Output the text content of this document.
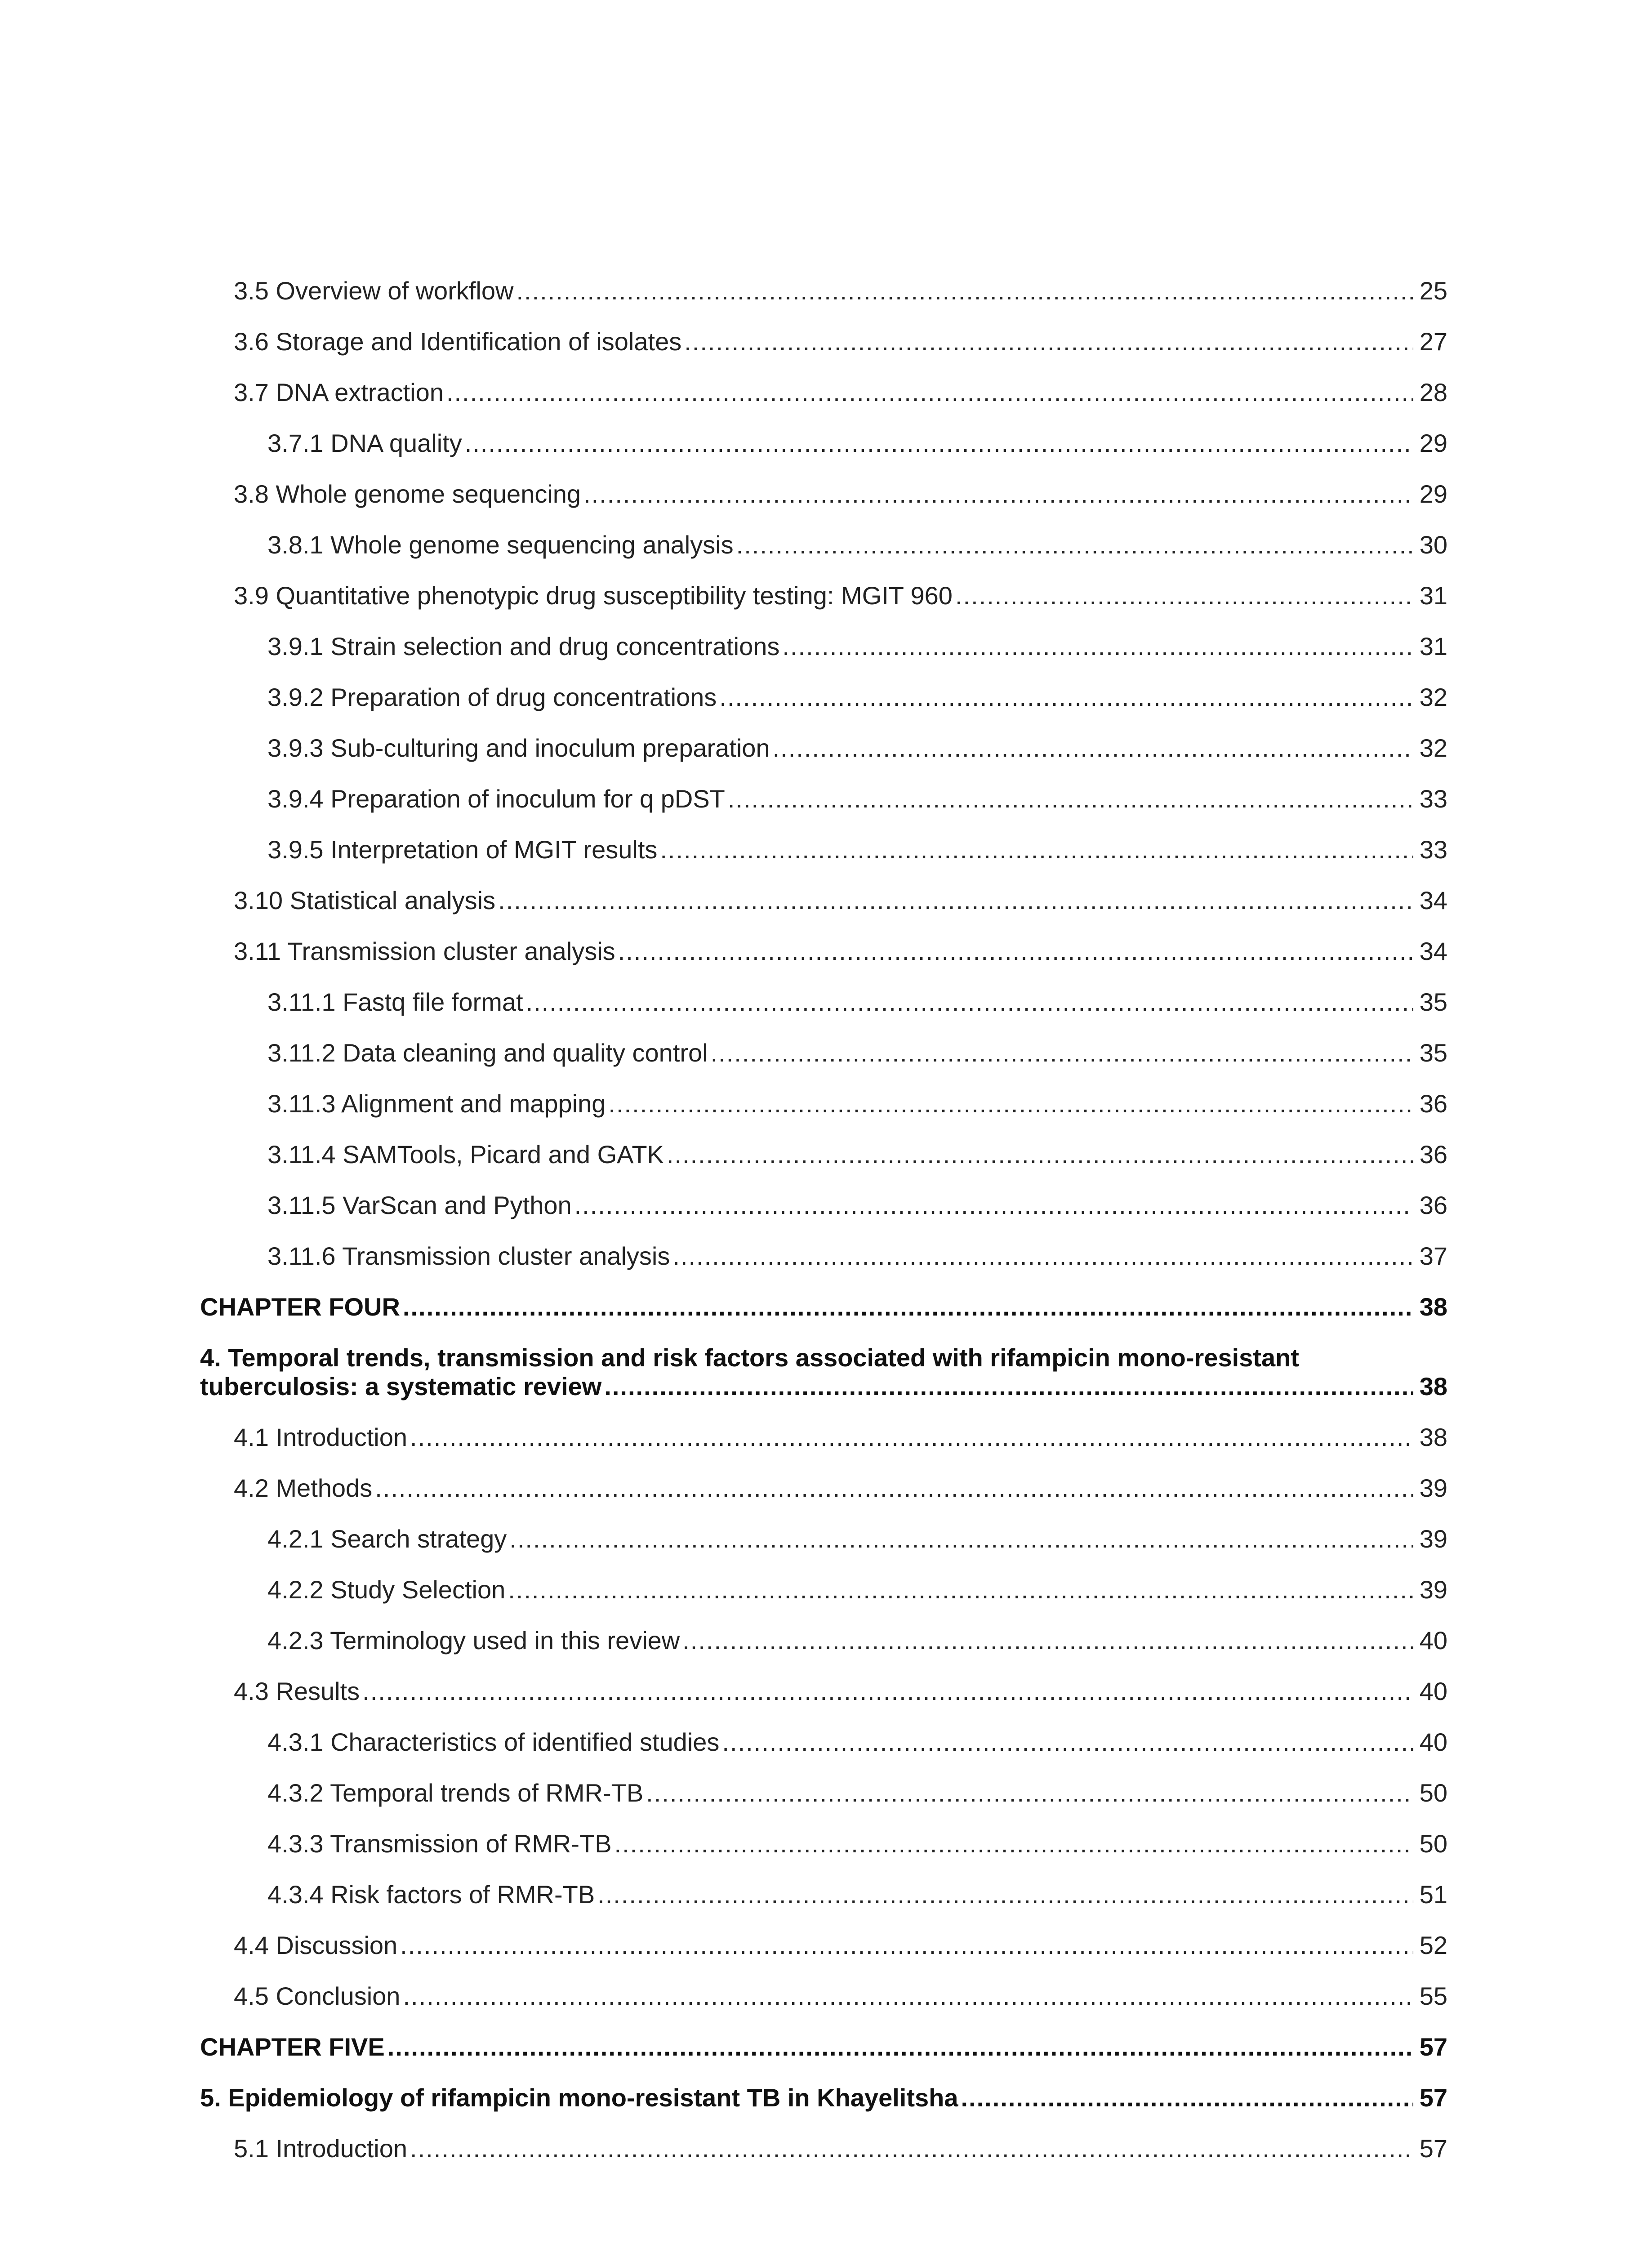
3.5 Overview of workflow .....	25
3.6 Storage and Identification of isolates .....	27
3.7 DNA extraction .....	28
3.7.1 DNA quality .....	29
3.8 Whole genome sequencing .....	29
3.8.1 Whole genome sequencing analysis .....	30
3.9 Quantitative phenotypic drug susceptibility testing: MGIT 960 .....	31
3.9.1 Strain selection and drug concentrations .....	31
3.9.2 Preparation of drug concentrations .....	32
3.9.3 Sub-culturing and inoculum preparation .....	32
3.9.4 Preparation of inoculum for q pDST .....	33
3.9.5 Interpretation of MGIT results .....	33
3.10 Statistical analysis .....	34
3.11 Transmission cluster analysis .....	34
3.11.1 Fastq file format .....	35
3.11.2 Data cleaning and quality control .....	35
3.11.3 Alignment and mapping .....	36
3.11.4 SAMTools, Picard and GATK .....	36
3.11.5 VarScan and Python .....	36
3.11.6 Transmission cluster analysis .....	37
CHAPTER FOUR .....	38
4. Temporal trends, transmission and risk factors associated with rifampicin mono-resistant
tuberculosis: a systematic review .....	38
4.1 Introduction .....	38
4.2 Methods .....	39
4.2.1 Search strategy .....	39
4.2.2 Study Selection .....	39
4.2.3 Terminology used in this review .....	40
4.3 Results .....	40
4.3.1 Characteristics of identified studies .....	40
4.3.2 Temporal trends of RMR-TB .....	50
4.3.3 Transmission of RMR-TB .....	50
4.3.4 Risk factors of RMR-TB .....	51
4.4 Discussion .....	52
4.5 Conclusion .....	55
CHAPTER FIVE .....	57
5. Epidemiology of rifampicin mono-resistant TB in Khayelitsha .....	57
5.1 Introduction .....	57
